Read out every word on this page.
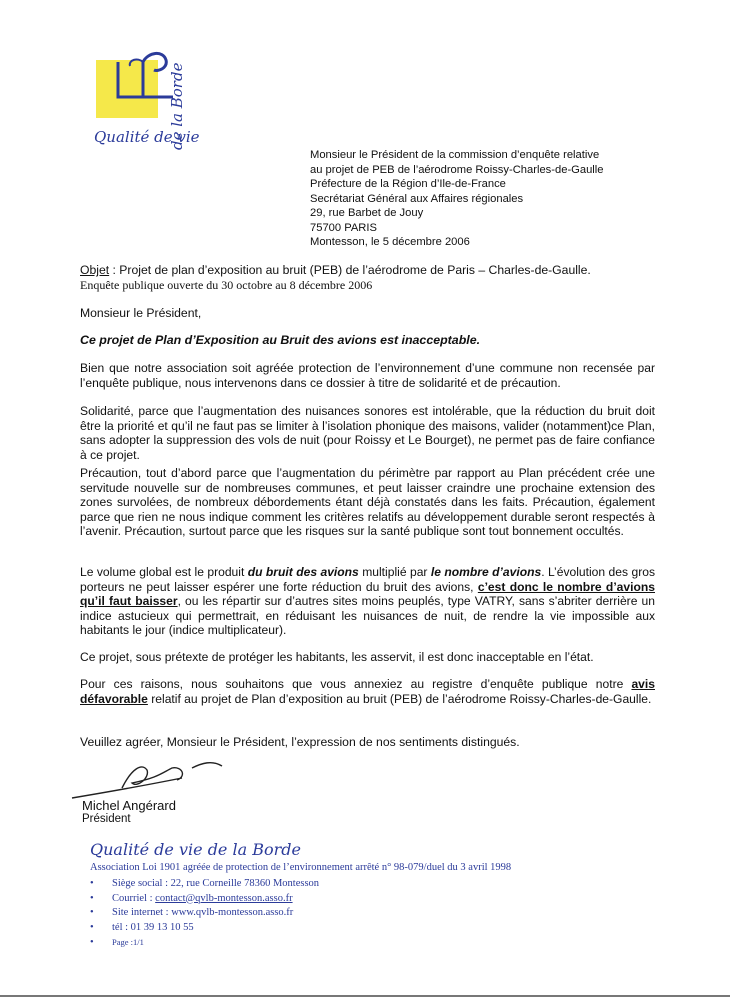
Qualité de vie
de la Borde
Monsieur le Président de la commission d’enquête relative
au projet de PEB de l’aérodrome Roissy-Charles-de-Gaulle
Préfecture de la Région d’Ile-de-France
Secrétariat Général aux Affaires régionales
29, rue Barbet de Jouy
75700 PARIS
Montesson, le 5 décembre 2006
Objet : Projet de plan d’exposition au bruit (PEB) de l’aérodrome de Paris – Charles-de-Gaulle.
Enquête publique ouverte du 30 octobre au 8 décembre 2006
Monsieur le Président,
Ce projet de Plan d’Exposition au Bruit des avions est inacceptable.
Bien que notre association soit agréée protection de l’environnement d’une commune non recensée par l’enquête publique, nous intervenons dans ce dossier à titre de solidarité et de précaution.
Solidarité, parce que l’augmentation des nuisances sonores est intolérable, que la réduction du bruit doit être la priorité et qu’il ne faut pas se limiter à l’isolation phonique des maisons, valider (notamment)ce Plan, sans adopter la suppression des vols de nuit (pour Roissy et Le Bourget), ne permet pas de faire confiance à ce projet.
Précaution, tout d’abord parce que l’augmentation du périmètre par rapport au Plan précédent crée une servitude nouvelle sur de nombreuses communes, et peut laisser craindre une prochaine extension des zones survolées, de nombreux débordements étant déjà constatés dans les faits. Précaution, également parce que rien ne nous indique comment les critères relatifs au développement durable seront respectés à l’avenir. Précaution, surtout parce que les risques sur la santé publique sont tout bonnement occultés.
Le volume global est le produit du bruit des avions multiplié par le nombre d’avions. L’évolution des gros porteurs ne peut laisser espérer une forte réduction du bruit des avions, c’est donc le nombre d’avions qu’il faut baisser, ou les répartir sur d’autres sites moins peuplés, type VATRY, sans s’abriter derrière un indice astucieux qui permettrait, en réduisant les nuisances de nuit, de rendre la vie impossible aux habitants le jour (indice multiplicateur).
Ce projet, sous prétexte de protéger les habitants, les asservit, il est donc inacceptable en l’état.
Pour ces raisons, nous souhaitons que vous annexiez au registre d’enquête publique notre avis défavorable relatif au projet de Plan d’exposition au bruit (PEB) de l’aérodrome Roissy-Charles-de-Gaulle.
Veuillez agréer, Monsieur le Président, l’expression de nos sentiments distingués.
Michel Angérard
Président
Qualité de vie de la Borde
Association Loi 1901 agréée de protection de l’environnement arrêté n° 98-079/duel du 3 avril 1998
• Siège social : 22, rue Corneille 78360 Montesson
• Courriel : contact@qvlb-montesson.asso.fr
• Site internet : www.qvlb-montesson.asso.fr
• tél : 01 39 13 10 55
• Page :1/1
